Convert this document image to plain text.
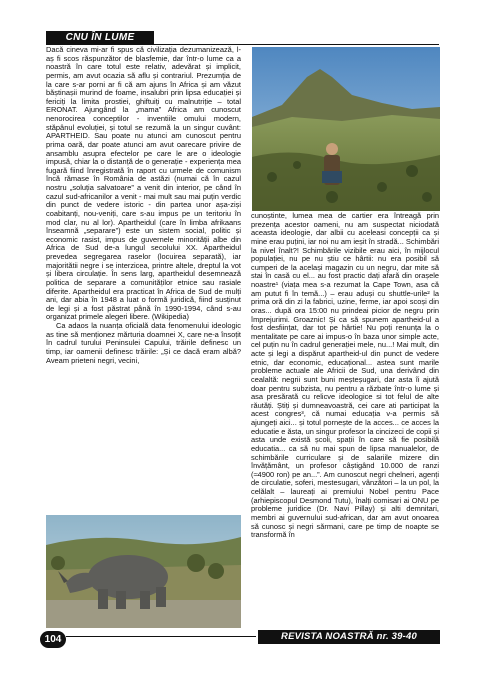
CNU ÎN LUME

Dacă cineva mi-ar fi spus că civilizația dezumanizează, l-aș fi scos răspunzător de blasfemie, dar într-o lume ca a noastră în care totul este relativ, adevărat și implicit, permis, am avut ocazia să aflu și contrariul. Prezumția de la care s-ar porni ar fi că am ajuns în Africa și am văzut băștinașii murind de foame, insalubri prin lipsa educației și fericiți la limita prostiei, ghiftuiți cu malnutriție – total ERONAT. Ajungând la „mama” Africa am cunoscut nenorocirea conceptilor - inventiile omului modern, stăpânul evoluției, și totul se rezumă la un singur cuvânt: APARTHEID. Sau poate nu atunci am cunoscut pentru prima oară, dar poate atunci am avut oarecare privire de ansamblu asupra efectelor pe care le are o ideologie impusă, chiar la o distanță de o generație - experiența mea fugară fiind înregistrată în raport cu urmele de comunism încă rămase în România de astăzi (numai că în cazul nostru „soluția salvatoare” a venit din interior, pe când în cazul sud-africanilor a venit - mai mult sau mai puțin verdic din punct de vedere istoric - din partea unor așa-ziși coabitanți, nou-veniți, care s-au impus pe un teritoriu în mod clar, nu al lor). Apartheidul (care în limba afrikaans înseamnă „separare”) este un sistem social, politic și economic rasist, impus de guvernele minorității albe din Africa de Sud de-a lungul secolului XX. Apartheidul prevedea segregarea raselor (locuirea separată), iar majoritătii negre i se interzicea, printre altele, dreptul la vot și libera circulație. În sens larg, apartheidul desemnează politica de separare a comunităților etnice sau rasiale diferite. Apartheidul era practicat în Africa de Sud de mulți ani, dar abia în 1948 a luat o formă juridică, fiind susținut de legi și a fost păstrat până în 1990-1994, când s-au organizat primele alegeri libere. (Wikipedia)

Ca adaos la nuanța oficială data fenomenului ideologic as tine să menționez mărturia doamnei X, care ne-a însoțit în cadrul turului Peninsulei Capului, trăirile definesc un timp, iar oamenii definesc trăirile: „Și ce dacă eram albă? Aveam prieteni negri, vecini,

cunoștinte, lumea mea de cartier era întreagă prin prezența acestor oameni, nu am suspectat niciodată aceasta ideologie, dar albii cu aceleasi concepții ca și mine erau puțini, iar noi nu am ieșit în stradă... Schimbări la nivel înalt?! Schimbările vizibile erau aici, în mijlocul populației, nu pe nu știu ce hârtii: nu era posibil să cumperi de la același magazin cu un negru, dar mite să stai în casă cu el... au fost practic dați afară din orașele noastre¹ (viața mea s-a rezumat la Cape Town, asa că am putut fi în temă...) – erau aduși cu shuttle-urile² la prima oră din zi la fabrici, uzine, ferme, iar apoi scoși din oras... după ora 15:00 nu prindeai picior de negru prin împrejurimi. Groaznic! Și ca să spunem apartheid-ul a fost desființat, dar tot pe hârtie! Nu poți renunța la o mentalitate pe care ai impus-o în baza unor simple acte, cel puțin nu în cadrul generației mele, nu...! Mai mult, din acte și legi a dispărut apartheid-ul din punct de vedere etnic, dar economic, educațional... astea sunt marile probleme actuale ale Africii de Sud, una derivând din cealaltă: negrii sunt buni meșteșugari, dar asta îi ajută doar pentru subzista, nu pentru a răzbate într-o lume și asa presărată cu relicve ideologice si tot felul de alte răutăți. Știți și dumneavoastră, cei care ati participat la acest congres³, că numai educația v-a permis să ajungeți aici... și totul pornește de la acces... ce acces la educatie e ăsta, un singur profesor la cincizeci de copii și asta unde există școli, spații în care să fie posibilă educatia... ca să nu mai spun de lipsa manualelor, de schimbările curriculare și de salariile mizere din învățământ, un profesor câștigând 10.000 de ranzi (≈4900 ron) pe an...”. Am cunoscut negri chelneri, agenți de circulatie, soferi, mestesugari, vânzători – la un pol, la celălalt – laureați ai premiului Nobel pentru Pace (arhiepiscopul Desmond Tutu), înalți comisari ai ONU pe probleme juridice (Dr. Navi Pillay) și alti demnitari, membri ai guvernului sud-african, dar am avut onoarea să cunosc și negri sărmani, care pe timp de noapte se transformă în

104	REVISTA NOASTRĂ nr. 39-40
